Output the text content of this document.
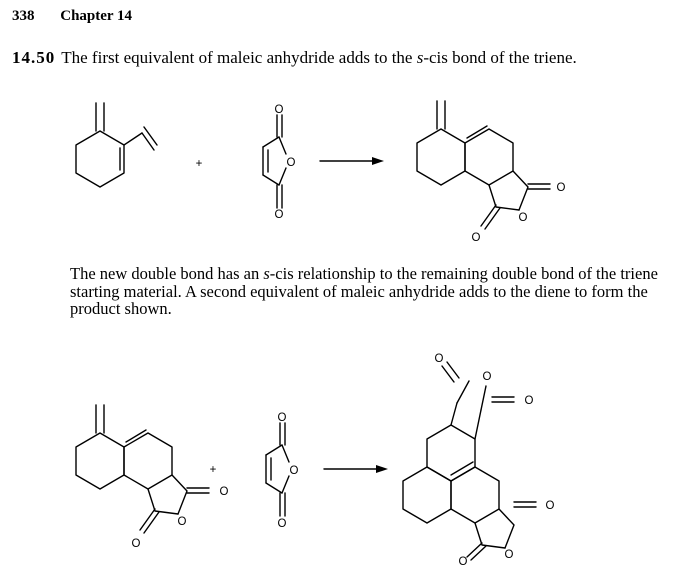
338 Chapter 14
14.50 The first equivalent of maleic anhydride adds to the s-cis bond of the triene.

The new double bond has an s-cis relationship to the remaining double bond of the triene

starting material. A second equivalent of maleic anhydride adds to the diene to form the

product shown.

+
O
O
O	O
O
O
+
O
O
O
O
O
O
O
O
O
O
O
O
